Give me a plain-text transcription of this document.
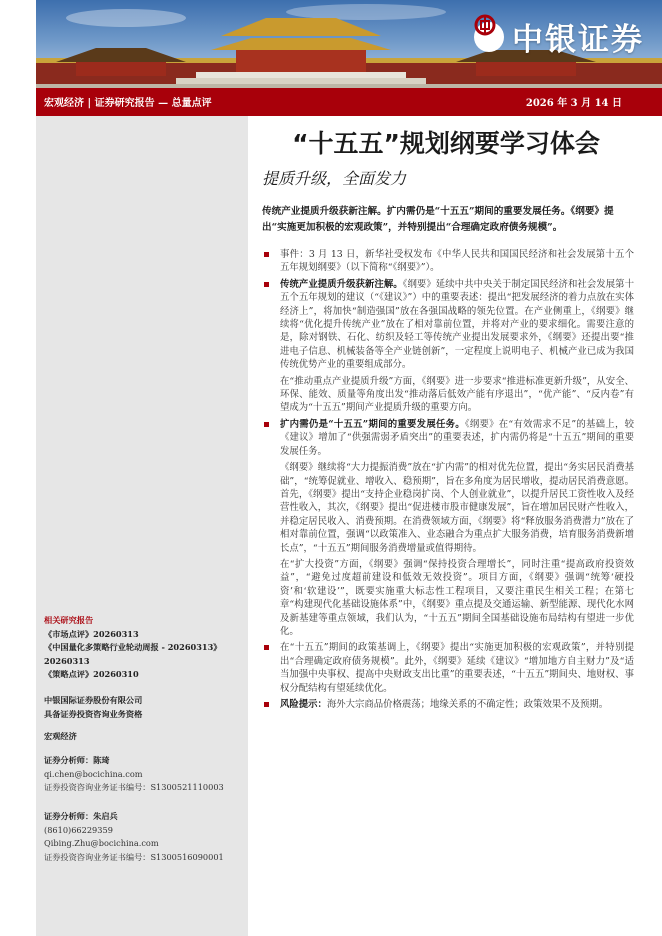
中银证券
宏观经济 | 证券研究报告 — 总量点评	2026 年 3 月 14 日
相关研究报告
《市场点评》20260313
《中国量化多策略行业轮动周报 - 20260313》20260313
《策略点评》20260310
中银国际证券股份有限公司
具备证券投资咨询业务资格
宏观经济
证券分析师：陈琦
qi.chen@bocichina.com
证券投资咨询业务证书编号：S1300521110003
证券分析师：朱启兵
(8610)66229359
Qibing.Zhu@bocichina.com
证券投资咨询业务证书编号：S1300516090001
“十五五”规划纲要学习体会
提质升级，全面发力
传统产业提质升级获新注解。扩内需仍是“十五五”期间的重要发展任务。《纲要》提出“实施更加积极的宏观政策”，并特别提出“合理确定政府债务规模”。
事件：3 月 13 日，新华社受权发布《中华人民共和国国民经济和社会发展第十五个五年规划纲要》（以下简称“《纲要》”）。
传统产业提质升级获新注解。《纲要》延续中共中央关于制定国民经济和社会发展第十五个五年规划的建议（“《建议》”）中的重要表述：提出“把发展经济的着力点放在实体经济上”，将加快“制造强国”放在各强国战略的领先位置。在产业侧重上，《纲要》继续将“优化提升传统产业”放在了相对靠前位置，并将对产业的要求细化。需要注意的是，除对钢铁、石化、纺织及轻工等传统产业提出发展要求外，《纲要》还提出要“推进电子信息、机械装备等全产业链创新”，一定程度上说明电子、机械产业已成为我国传统优势产业的重要组成部分。
在“推动重点产业提质升级”方面，《纲要》进一步要求“推进标准更新升级”，从安全、环保、能效、质量等角度出发“推动落后低效产能有序退出”，“优产能”、“反内卷”有望成为“十五五”期间产业提质升级的重要方向。
扩内需仍是“十五五”期间的重要发展任务。《纲要》在“有效需求不足”的基础上，较《建议》增加了“供强需弱矛盾突出”的重要表述，扩内需仍将是“十五五”期间的重要发展任务。
《纲要》继续将“大力提振消费”放在“扩内需”的相对优先位置，提出“务实居民消费基础”，“统筹促就业、增收入、稳预期”，旨在多角度为居民增收，提动居民消费意愿。首先，《纲要》提出“支持企业稳岗扩岗、个人创业就业”，以提升居民工资性收入及经营性收入，其次，《纲要》提出“促进楼市股市健康发展”，旨在增加居民财产性收入，并稳定居民收入、消费预期。在消费领域方面，《纲要》将“释放服务消费潜力”放在了相对靠前位置，强调“以政策准入、业态融合为重点扩大服务消费，培育服务消费新增长点”，“十五五”期间服务消费增量或值得期待。
在“扩大投资”方面，《纲要》强调“保持投资合理增长”，同时注重“提高政府投资效益”，“避免过度超前建设和低效无效投资”。项目方面，《纲要》强调“统筹‘硬投资’和‘软建设’”，既要实施重大标志性工程项目，又要注重民生相关工程；在第七章“构建现代化基础设施体系”中，《纲要》重点提及交通运输、新型能源、现代化水网及新基建等重点领域，我们认为，“十五五”期间全国基础设施布局结构有望进一步优化。
在“十五五”期间的政策基调上，《纲要》提出“实施更加积极的宏观政策”，并特别提出“合理确定政府债务规模”。此外，《纲要》延续《建议》“增加地方自主财力”及“适当加强中央事权、提高中央财政支出比重”的重要表述，“十五五”期间央、地财权、事权分配结构有望延续优化。
风险提示：海外大宗商品价格震荡；地缘关系的不确定性；政策效果不及预期。
